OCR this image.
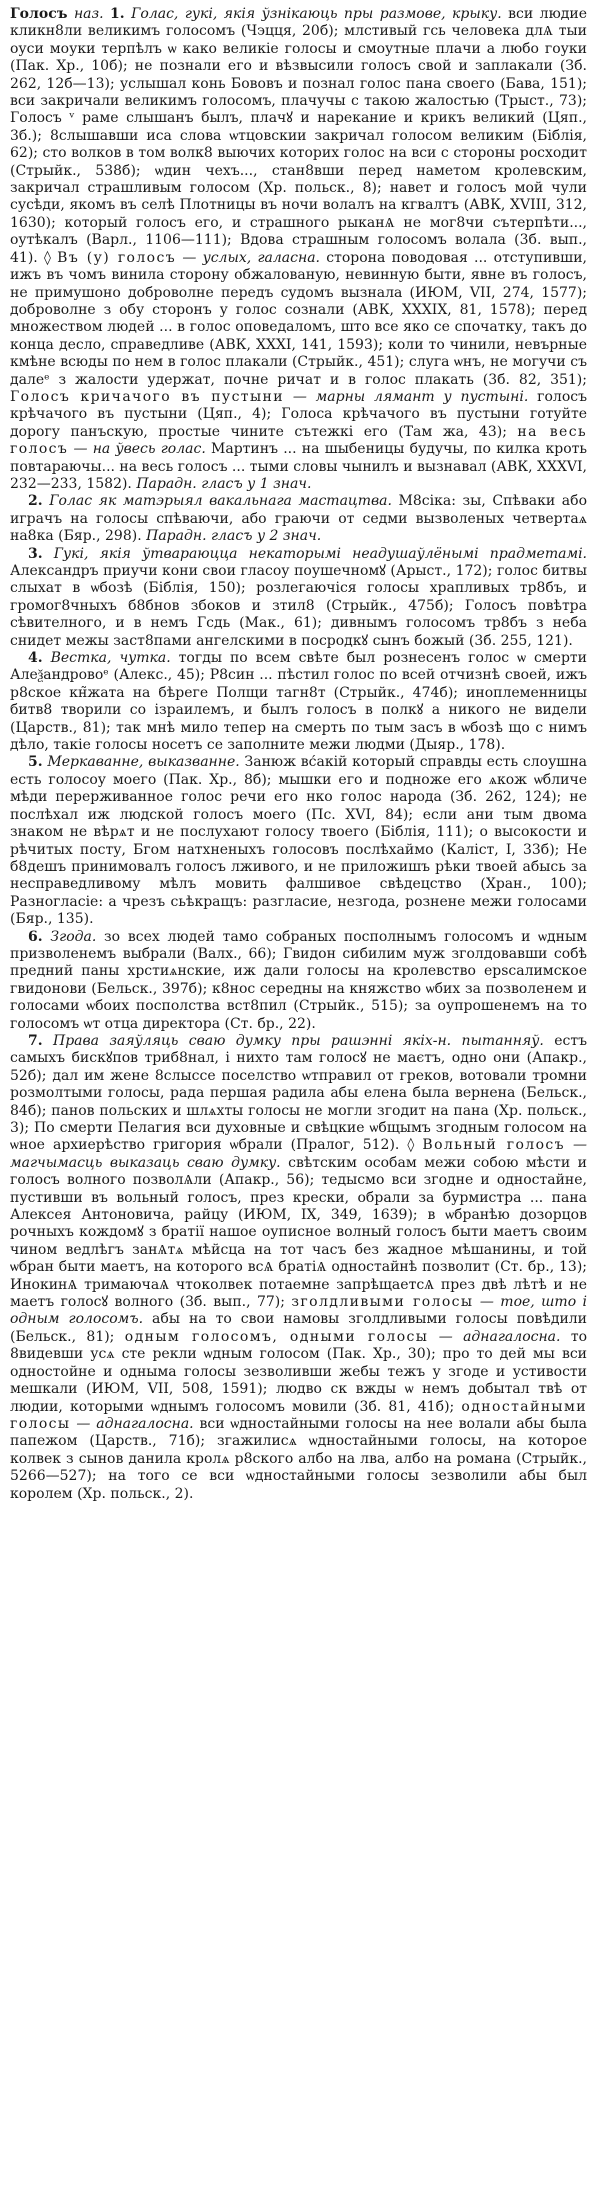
Голосъ наз. 1. Голас, гукі, якія ўзнікаюць пры размове, крыку. вси людие кликн8ли великимъ голосомъ (Чэцця, 20б); млстивый гсь человека длѦ тыи оуси моуки терпѣлъ ѡ како великіе голосы и смоутные плачи а любо гоуки (Пак. Хр., 10б); не познали его и вѣзвысили голосъ свой и заплакали (Зб. 262, 12б—13); услышал конь Бововъ и познал голос пана своего (Бава, 151); вси закричали великимъ голосомъ, плачучы с такою жалостью (Трыст., 73); Голосъ ᵛ раме слышанъ былъ, плачꙋ и нарекание и крикъ великий (Цяп., 3б.); 8слышавши иса слова ѡтцовскии закричал голосом великим (Біблія, 62); сто волков в том волк8 выючих которих голос на вси с стороны росходит (Стрыйк., 538б); ѡдин чехъ..., стан8вши перед наметом кролевским, закричал страшливым голосом (Хр. польск., 8); навет и голосъ мой чули сусѣди, якомъ въ селѣ Плотницы въ ночи волалъ на кгвалтъ (АВК, XVIII, 312, 1630); который голосъ его, и страшного рыканѦ не мог8чи сътерпѣти..., оутѣкалъ (Варл., 1106—111); Вдова страшным голосомъ волала (3б. вып., 41). ◊ Въ (у) голосъ — услых, галасна. сторона поводовая ... отступивши, ижъ въ чомъ винила сторону обжалованую, невинную быти, явне въ голосъ, не примушоно доброволне передъ судомъ вызнала (ИЮМ, VII, 274, 1577); доброволне з обу сторонъ у голос сознали (АВК, XXXIX, 81, 1578); перед множеством людей ... в голос оповедаломъ, што все яко се спочатку, такъ до конца десло, справедливе (АВК, XXXI, 141, 1593); коли то чинили, невърные кмѣне всюды по нем в голос плакали (Стрыйк., 451); слуга ѡнъ, не могучи съ далеᵉ з жалости удержат, почне ричат и в голос плакать (3б. 82, 351); Голосъ кричачого въ пустыни — марны лямант у пустыні. голосъ крѣчачого въ пустыни (Цяп., 4); Голоса крѣчачого въ пустыни готуйте дорогу панъскую, простые чините сътежкі его (Там жа, 43); на весь голосъ — на ўвесь голас. Мартинъ ... на шыбеницы будучы, по килка кроть повтараючы... на весь голосъ ... тыми словы чынилъ и вызнавал (АВК, XXXVI, 232—233, 1582). Парадн. гласъ у 1 знач.

2. Голас як матэрыял вакальнага мастацтва. М8сіка: зы, Спѣваки або играчъ на голосы спѣваючи, або граючи от седми вызволеных четвертаѧ на8ка (Бяр., 298). Парадн. гласъ у 2 знач.

3. Гукі, якія ўтвараюцца некаторымі неадушаўлёнымі прадметамі. Александръ приучи кони свои гласоу поушечномꙋ (Арыст., 172); голос битвы слыхат в ѡбозѣ (Біблія, 150); розлегаючіся голосы храпливых тр8бъ, и громог8чныхъ б8бнов збоков и зтил8 (Стрыйк., 475б); Голосъ повѣтра сѣвителного, и в немъ Гсдь (Мак., 61); дивнымъ голосомъ тр8бъ з неба снидет межы заст8пами ангелскими в посродкꙋ сынъ божый (3б. 255, 121).

4. Вестка, чутка. тогды по всем свѣте был рознесенъ голос ѡ смерти Алеѯандровоᵉ (Алекс., 45); Р8син ... пѣстил голос по всей отчизнѣ своей, ижъ р8ское кн̃жата на бѣреге Полщи тагн8т (Стрыйк., 474б); иноплеменницы битв8 творили со ізраилемъ, и былъ голосъ в полкꙋ а никого не видели (Царств., 81); так мнѣ мило тепер на смерть по тым засъ в ѡбозѣ що с нимъ дѣло, такіе голосы носетъ се заполните межи людми (Дыяр., 178).

5. Меркаванне, выказванне. Занюж вс́акій который справды есть слоушна есть голосоу моего (Пак. Хр., 8б); мышки его и подноже его ѧкож ѡбличе мѣди перерживанное голос речи его нко голос народа (Зб. 262, 124); не послѣхал иж людской голосъ моего (Пс. XVI, 84); если ани тым двома знаком не вѣрѧт и не послухают голосу твоего (Біблія, 111); о высокости и рѣчитых посту, Бгом натхненыхъ голосовъ послѣхаймо (Каліст, I, 33б); Не б8дешъ принимовалъ голосъ лживого, и не приложишъ рѣки твоей абысь за несправедливому мѣлъ мовить фалшивое свѣдецство (Хран., 100); Разногласіе: а чрезъ сьѣкращъ: разгласие, незгода, рознене межи голосами (Бяр., 135).

6. Згода. зо всех людей тамо собраных посполнымъ голосомъ и ѡдным призволенемъ выбрали (Валх., 66); Гвидон сибилим муж зголдовавши собѣ предний паны хрстиѧнские, иж дали голосы на кролевство ерѕсалимское гвидонови (Бельск., 397б); к8нос середны на княжство ѡбих за позволенем и голосами ѡбоих посполства вст8пил (Стрыйк., 515); за оупрошенемъ на то голосомъ ѡт отца директора (Ст. бр., 22).

7. Права заяўляць сваю думку пры рашэнні якіх-н. пытанняў. естъ самыхъ бискꙋпов триб8нал, і нихто там голосꙋ не маєтъ, одно они (Апакр., 52б); дал им жене 8слыссе поселство ѡтправил от греков, вотовали тромни розмолтыми голосы, рада першая радила абы елена была вернена (Бельск., 84б); панов польских и шлѧхты голосы не могли згодит на пана (Хр. польск., 3); По смерти Пелагия вси духовные и свѣцкие ѡбщымъ згодным голосом на ѡное архиерѣство григория ѡбрали (Пралог, 512). ◊ Вольный голосъ — магчымасць выказаць сваю думку. свѣтским особам межи собою мѣсти и голосъ волного позволѦли (Апакр., 56); тедысмо вси згодне и одностайне, пустивши въ вольный голосъ, през крески, обрали за бурмистра ... пана Алексея Антоновича, райцу (ИЮМ, IX, 349, 1639); в ѡбранѣю дозорцов рочныхъ кождомꙋ з братії нашое оупиcное волный голосъ быти маетъ своим чином ведлѣгъ занѦтѧ мѣйсца на тот часъ без жадное мѣшанины, и той ѡбран быти маетъ, на которого всѦ братіѦ одностайнѣ позволит (Ст. бр., 13); ИнокинѦ тримаючаѦ чтоколвек потаемне запрѣщаетсѦ през двѣ лѣтѣ и не маетъ голосꙋ волного (3б. вып., 77); зголдливыми голосы — тое, што і одным голосомъ. абы на то свои намовы зголдливыми голосы повѣдили (Бельск., 81); одным голосомъ, одными голосы — аднагалосна. то 8видевши усѧ сте рекли ѡдным голосом (Пак. Хр., 30); про то дей мы вси одностойне и одныма голосы зезволивши жебы тежъ у згоде и устивости мешкали (ИЮМ, VII, 508, 1591); людво ск вжды ѡ немъ добытал твѣ от людии, которыми ѡднымъ голосомъ мовили (3б. 81, 41б); одностайными голосы — аднагалосна. вси ѡдностайными голосы на нее волали абы была папежом (Царств., 71б); згажилисѧ ѡдностайными голосы, на которое колвек з сынов данила кролѧ р8ского албо на лва, албо на романа (Стрыйк., 5266—527); на того се вси ѡдностайными голосы зезволили абы был королем (Хр. польск., 2).
